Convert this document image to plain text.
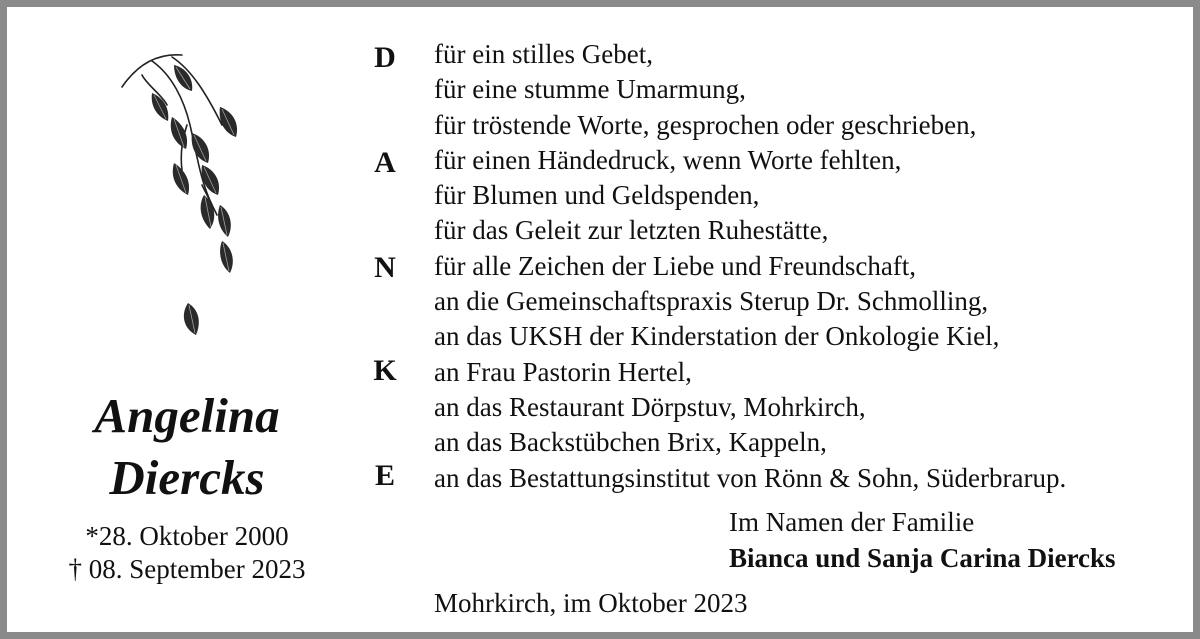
Angelina
Diercks
*28. Oktober 2000
† 08. September 2023
D
A
N
K
E
für ein stilles Gebet,
für eine stumme Umarmung,
für tröstende Worte, gesprochen oder geschrieben,
für einen Händedruck, wenn Worte fehlten,
für Blumen und Geldspenden,
für das Geleit zur letzten Ruhestätte,
für alle Zeichen der Liebe und Freundschaft,
an die Gemeinschaftspraxis Sterup Dr. Schmolling,
an das UKSH der Kinderstation der Onkologie Kiel,
an Frau Pastorin Hertel,
an das Restaurant Dörpstuv, Mohrkirch,
an das Backstübchen Brix, Kappeln,
an das Bestattungsinstitut von Rönn & Sohn, Süderbrarup.
Im Namen der Familie
Bianca und Sanja Carina Diercks
Mohrkirch, im Oktober 2023
